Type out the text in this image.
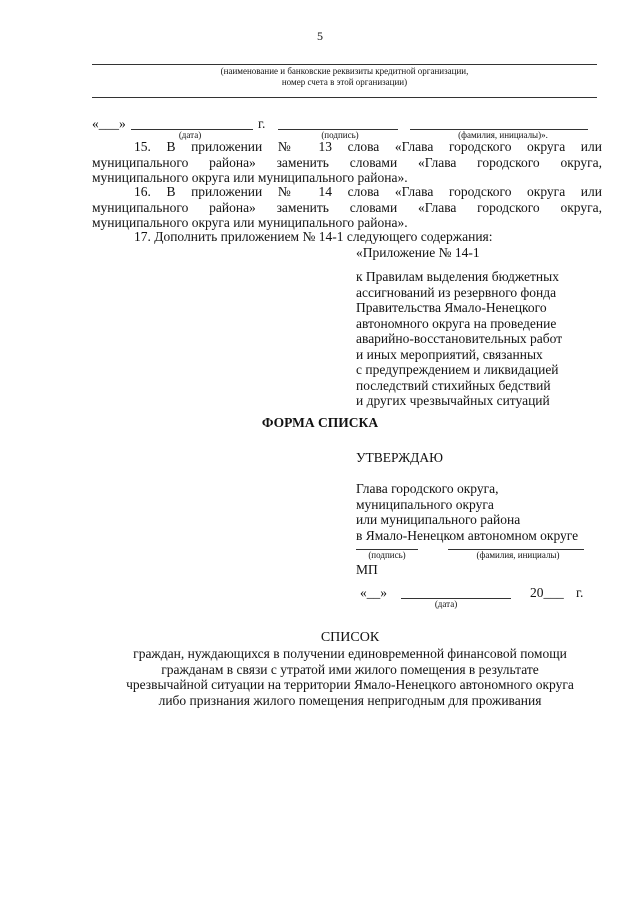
5
(наименование и банковские реквизиты кредитной организации,
номер счета в этой организации)
«___»	г.
(дата)	(подпись)	(фамилия, инициалы)».
15. В приложении № 13 слова «Глава городского округа или
муниципального района» заменить словами «Глава городского округа,
муниципального округа или муниципального района».
16. В приложении № 14 слова «Глава городского округа или
муниципального района» заменить словами «Глава городского округа,
муниципального округа или муниципального района».
17. Дополнить приложением № 14-1 следующего содержания:
«Приложение № 14-1
к Правилам выделения бюджетных
ассигнований из резервного фонда
Правительства Ямало-Ненецкого
автономного округа на проведение
аварийно-восстановительных работ
и иных мероприятий, связанных
с предупреждением и ликвидацией
последствий стихийных бедствий
и других чрезвычайных ситуаций
ФОРМА СПИСКА
УТВЕРЖДАЮ
Глава городского округа,
муниципального округа
или муниципального района
в Ямало-Ненецком автономном округе
(подпись)	(фамилия, инициалы)
МП
«__»	20___ г.
(дата)
СПИСОК
граждан, нуждающихся в получении единовременной финансовой помощи
гражданам в связи с утратой ими жилого помещения в результате
чрезвычайной ситуации на территории Ямало-Ненецкого автономного округа
либо признания жилого помещения непригодным для проживания
